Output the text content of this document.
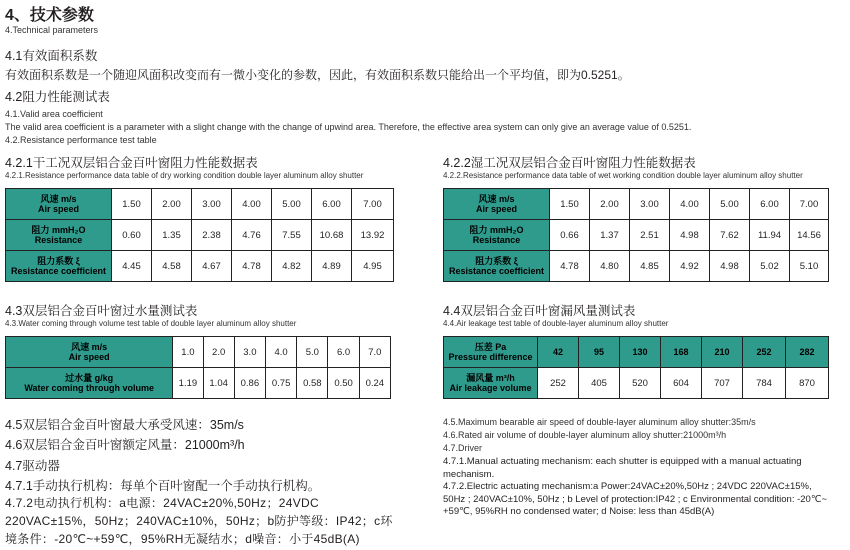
4、技术参数
4.Technical parameters
4.1有效面积系数
有效面积系数是一个随迎风面积改变而有一微小变化的参数，因此，有效面积系数只能给出一个平均值，即为0.5251。
4.2阻力性能测试表
4.1.Valid area coefficient
The valid area coefficient is a parameter with a slight change with the change of upwind area. Therefore, the effective area system can only give an average value of 0.5251.
4.2.Resistance performance test table
4.2.1干工况双层铝合金百叶窗阻力性能数据表
4.2.1.Resistance performance data table of dry working condition double layer aluminum alloy shutter
风速 m/s
Air speed	1.50	2.00	3.00	4.00	5.00	6.00	7.00

阻力 mmH₂O
Resistance	0.60	1.35	2.38	4.76	7.55	10.68	13.92

阻力系数 ξ
Resistance coefficient	4.45	4.58	4.67	4.78	4.82	4.89	4.95
4.2.2湿工况双层铝合金百叶窗阻力性能数据表
4.2.2.Resistance performance data table of wet working condition double layer aluminum alloy shutter
风速 m/s
Air speed	1.50	2.00	3.00	4.00	5.00	6.00	7.00

阻力 mmH₂O
Resistance	0.66	1.37	2.51	4.98	7.62	11.94	14.56

阻力系数 ξ
Resistance coefficient	4.78	4.80	4.85	4.92	4.98	5.02	5.10
4.3双层铝合金百叶窗过水量测试表
4.3.Water coming through volume test table of double layer aluminum alloy shutter
风速 m/s
Air speed	1.0	2.0	3.0	4.0	5.0	6.0	7.0

过水量 g/kg
Water coming through volume	1.19	1.04	0.86	0.75	0.58	0.50	0.24
4.4双层铝合金百叶窗漏风量测试表
4.4.Air leakage test table of double-layer aluminum alloy shutter
压差 Pa
Pressure difference	42	95	130	168	210	252	282

漏风量 m³/h
Air leakage volume	252	405	520	604	707	784	870
4.5双层铝合金百叶窗最大承受风速：35m/s
4.6双层铝合金百叶窗额定风量：21000m³/h
4.7驱动器
4.7.1手动执行机构：每单个百叶窗配一个手动执行机构。
4.7.2电动执行机构：a电源：24VAC±20%,50Hz；24VDC 220VAC±15%，50Hz；240VAC±10%，50Hz；b防护等级：IP42；c环境条件：-20℃~+59℃，95%RH无凝结水；d噪音：小于45dB(A)
4.5.Maximum bearable air speed of double-layer aluminum alloy shutter:35m/s
4.6.Rated air volume of double-layer aluminum alloy shutter:21000m³/h
4.7.Driver
4.7.1.Manual actuating mechanism: each shutter is equipped with a manual actuating mechanism.
4.7.2.Electric actuating mechanism:a Power:24VAC±20%,50Hz ; 24VDC 220VAC±15%, 50Hz ; 240VAC±10%, 50Hz ; b Level of protection:IP42 ; c Environmental condition: -20℃~ +59℃, 95%RH no condensed water; d Noise: less than 45dB(A)
